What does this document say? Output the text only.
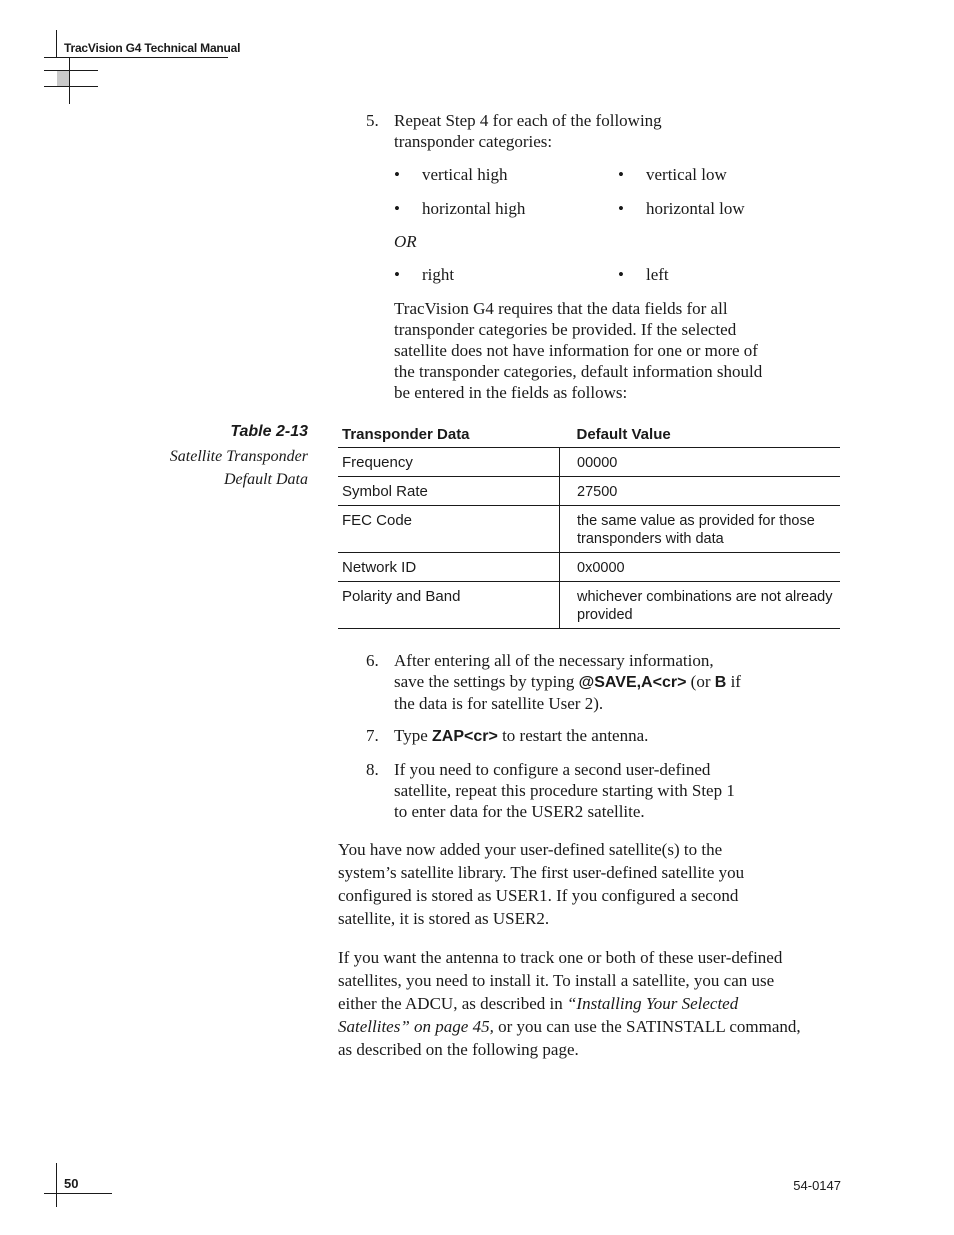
TracVision G4 Technical Manual
5. Repeat Step 4 for each of the following
transponder categories:
• vertical high	• vertical low
• horizontal high	• horizontal low
OR
• right	• left
TracVision G4 requires that the data fields for all
transponder categories be provided. If the selected
satellite does not have information for one or more of
the transponder categories, default information should
be entered in the fields as follows:
Table 2-13
Satellite Transponder
Default Data
Transponder Data	Default Value
Frequency	00000
Symbol Rate	27500
FEC Code	the same value as provided for those transponders with data
Network ID	0x0000
Polarity and Band	whichever combinations are not already provided
6. After entering all of the necessary information,
save the settings by typing @SAVE,A<cr> (or B if
the data is for satellite User 2).
7. Type ZAP<cr> to restart the antenna.
8. If you need to configure a second user-defined
satellite, repeat this procedure starting with Step 1
to enter data for the USER2 satellite.
You have now added your user-defined satellite(s) to the
system’s satellite library. The first user-defined satellite you
configured is stored as USER1. If you configured a second
satellite, it is stored as USER2.
If you want the antenna to track one or both of these user-defined
satellites, you need to install it. To install a satellite, you can use
either the ADCU, as described in “Installing Your Selected
Satellites” on page 45, or you can use the SATINSTALL command,
as described on the following page.
50	54-0147
